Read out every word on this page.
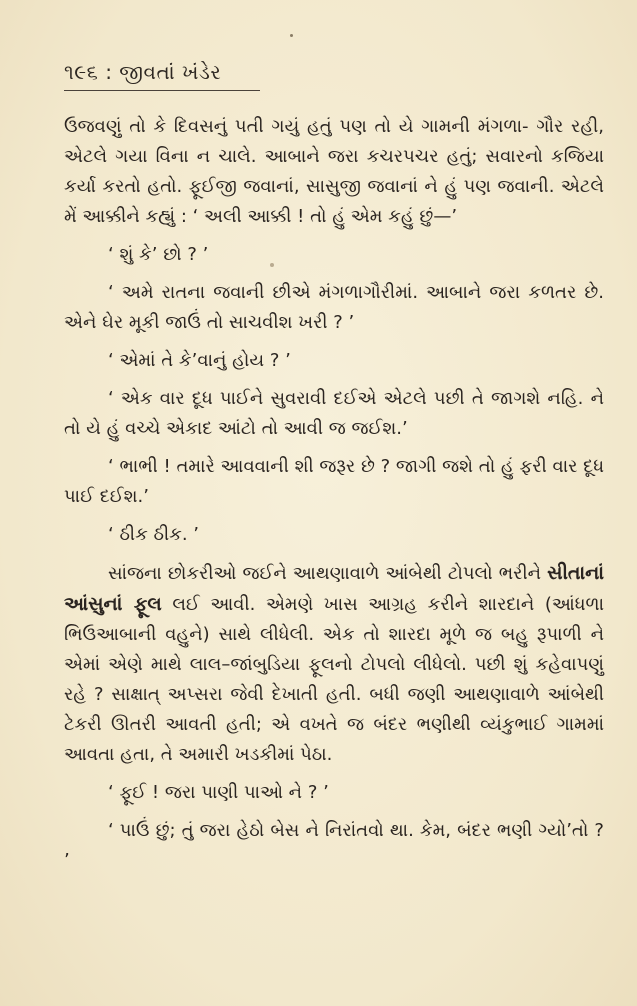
૧૯૬ : જીવતાં ખંડેર

ઉજવણું તો કે દિવસનું પતી ગયું હતું પણ તો યે ગામની મંગળા- ગૌર રહી, એટલે ગયા વિના ન ચાલે. આબાને જરા કચરપચર હતું; સવારનો કજિયા કર્યા કરતો હતો. ફૂઈજી જવાનાં, સાસુજી જવાનાં ને હું પણ જવાની. એટલે મેં આક્કીને કહ્યું : ‘ અલી આક્કી ! તો હું એમ કહું છું—’

‘ શું કે’ છો ? ’

‘ અમે રાતના જવાની છીએ મંગળાગૌરીમાં. આબાને જરા કળતર છે. એને ઘેર મૂકી જાઉં તો સાચવીશ ખરી ? ’

‘ એમાં તે કે’વાનું હોય ? ’

‘ એક વાર દૂધ પાઈને સુવરાવી દઈએ એટલે પછી તે જાગશે નહિ. ને તો યે હું વચ્ચે એકાદ આંટો તો આવી જ જઈશ.’

‘ ભાભી ! તમારે આવવાની શી જરૂર છે ? જાગી જશે તો હું ફરી વાર દૂધ પાઈ દઈશ.’

‘ ઠીક ઠીક. ’

સાંજના છોકરીઓ જઈને આથણાવાળે આંબેથી ટોપલો ભરીને સીતાનાં આંસુનાં ફૂલ લઈ આવી. એમણે ખાસ આગ્રહ કરીને શારદાને (આંધળા ભિઉઆબાની વહુને) સાથે લીધેલી. એક તો શારદા મૂળે જ બહુ રૂપાળી ને એમાં એણે માથે લાલ–જાંબુડિયા ફૂલનો ટોપલો લીધેલો. પછી શું કહેવાપણું રહે ? સાક્ષાત્ અપ્સરા જેવી દેખાતી હતી. બધી જણી આથણાવાળે આંબેથી ટેકરી ઊતરી આવતી હતી; એ વખતે જ બંદર ભણીથી વ્યંકુભાઈ ગામમાં આવતા હતા, તે અમારી ખડકીમાં પેઠા.

‘ ફૂઈ ! જરા પાણી પાઓ ને ? ’

‘ પાઉં છું; તું જરા હેઠો બેસ ને નિરાંતવો થા. કેમ, બંદર ભણી ગ્યો’તો ? ’
